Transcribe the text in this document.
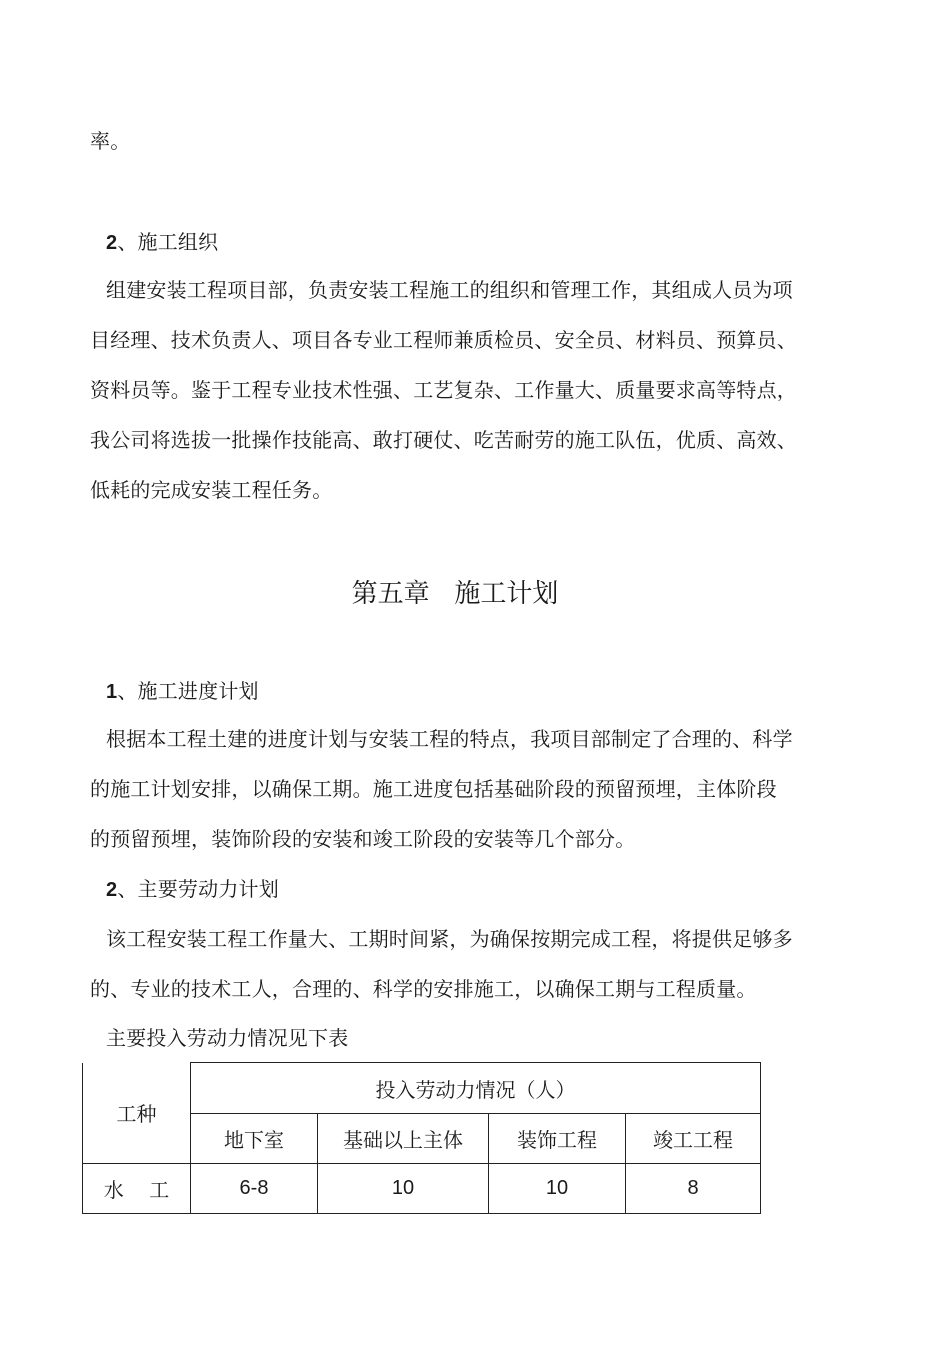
率。
2、施工组织
组建安装工程项目部，负责安装工程施工的组织和管理工作，其组成人员为项
目经理、技术负责人、项目各专业工程师兼质检员、安全员、材料员、预算员、
资料员等。鉴于工程专业技术性强、工艺复杂、工作量大、质量要求高等特点，
我公司将选拔一批操作技能高、敢打硬仗、吃苦耐劳的施工队伍，优质、高效、
低耗的完成安装工程任务。
第五章   施工计划
1、施工进度计划
根据本工程土建的进度计划与安装工程的特点，我项目部制定了合理的、科学
的施工计划安排，以确保工期。施工进度包括基础阶段的预留预埋，主体阶段
的预留预埋，装饰阶段的安装和竣工阶段的安装等几个部分。
2、主要劳动力计划
该工程安装工程工作量大、工期时间紧，为确保按期完成工程，将提供足够多
的、专业的技术工人，合理的、科学的安排施工，以确保工期与工程质量。
主要投入劳动力情况见下表
工种	投入劳动力情况（人）			
	地下室	基础以上主体	装饰工程	竣工工程
水    工	6-8	10	10	8
